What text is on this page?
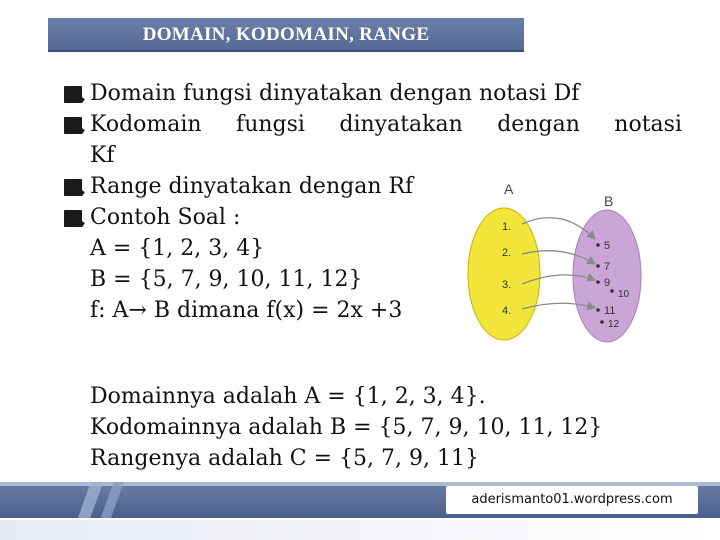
DOMAIN, KODOMAIN, RANGE
Domain fungsi dinyatakan dengan notasi Df
Kodomain fungsi dinyatakan dengan notasi
Kf
Range dinyatakan dengan Rf
Contoh Soal :
A = {1, 2, 3, 4}
B = {5, 7, 9, 10, 11, 12}
f: A→ B dimana f(x) = 2x +3
A
B
1.
2.
3.
4.
5
7
9
10
11
12
Domainnya adalah A = {1, 2, 3, 4}.
Kodomainnya adalah B = {5, 7, 9, 10, 11, 12}
Rangenya adalah C = {5, 7, 9, 11}
aderismanto01.wordpress.com
